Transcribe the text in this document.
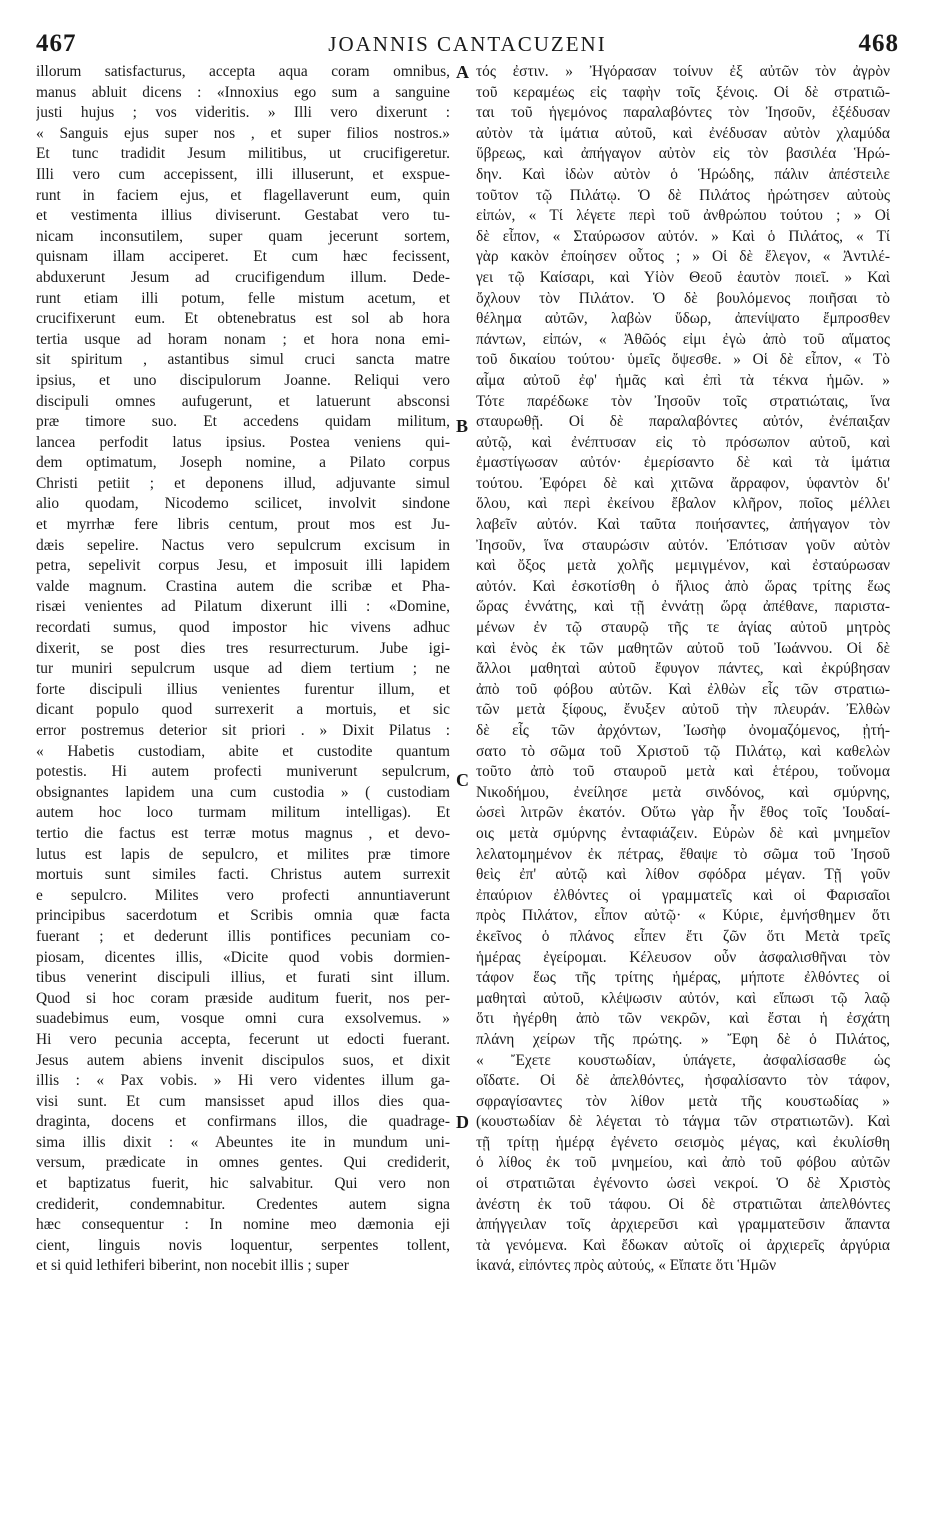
467	JOANNIS CANTACUZENI	468
illorum satisfacturus, accepta aqua coram omnibus,
manus abluit dicens : «Innoxius ego sum a sanguine
justi hujus ; vos videritis. » Illi vero dixerunt :
« Sanguis ejus super nos , et super filios nostros.»
Et tunc tradidit Jesum militibus, ut crucifigeretur.
Illi vero cum accepissent, illi illuserunt, et exspue-
runt in faciem ejus, et flagellaverunt eum, quin
et vestimenta illius diviserunt. Gestabat vero tu-
nicam inconsutilem, super quam jecerunt sortem,
quisnam illam acciperet. Et cum hæc fecissent,
abduxerunt Jesum ad crucifigendum illum. Dede-
runt etiam illi potum, felle mistum acetum, et
crucifixerunt eum. Et obtenebratus est sol ab hora
tertia usque ad horam nonam ; et hora nona emi-
sit spiritum , astantibus simul cruci sancta matre
ipsius, et uno discipulorum Joanne. Reliqui vero
discipuli omnes aufugerunt, et latuerunt absconsi
præ timore suo. Et accedens quidam militum,
lancea perfodit latus ipsius. Postea veniens qui-
dem optimatum, Joseph nomine, a Pilato corpus
Christi petiit ; et deponens illud, adjuvante simul
alio quodam, Nicodemo scilicet, involvit sindone
et myrrhæ fere libris centum, prout mos est Ju-
dæis sepelire. Nactus vero sepulcrum excisum in
petra, sepelivit corpus Jesu, et imposuit illi lapidem
valde magnum. Crastina autem die scribæ et Pha-
risæi venientes ad Pilatum dixerunt illi : «Domine,
recordati sumus, quod impostor hic vivens adhuc
dixerit, se post dies tres resurrecturum. Jube igi-
tur muniri sepulcrum usque ad diem tertium ; ne
forte discipuli illius venientes furentur illum, et
dicant populo quod surrexerit a mortuis, et sic
error postremus deterior sit priori . » Dixit Pilatus :
« Habetis custodiam, abite et custodite quantum
potestis. Hi autem profecti muniverunt sepulcrum,
obsignantes lapidem una cum custodia » ( custodiam
autem hoc loco turmam militum intelligas). Et
tertio die factus est terræ motus magnus , et devo-
lutus est lapis de sepulcro, et milites præ timore
mortuis sunt similes facti. Christus autem surrexit
e sepulcro. Milites vero profecti annuntiaverunt
principibus sacerdotum et Scribis omnia quæ facta
fuerant ; et dederunt illis pontifices pecuniam co-
piosam, dicentes illis, «Dicite quod vobis dormien-
tibus venerint discipuli illius, et furati sint illum.
Quod si hoc coram præside auditum fuerit, nos per-
suadebimus eum, vosque omni cura exsolvemus. »
Hi vero pecunia accepta, fecerunt ut edocti fuerant.
Jesus autem abiens invenit discipulos suos, et dixit
illis : « Pax vobis. » Hi vero videntes illum ga-
visi sunt. Et cum mansisset apud illos dies qua-
draginta, docens et confirmans illos, die quadrage-
sima illis dixit : « Abeuntes ite in mundum uni-
versum, prædicate in omnes gentes. Qui crediderit,
et baptizatus fuerit, hic salvabitur. Qui vero non
crediderit, condemnabitur. Credentes autem signa
hæc consequentur : In nomine meo dæmonia eji
cient, linguis novis loquentur, serpentes tollent,
et si quid lethiferi biberint, non nocebit illis ; super
A
B
C
D
τός ἐστιν. » Ἠγόρασαν τοίνυν ἐξ αὐτῶν τὸν ἀγρὸν
τοῦ κεραμέως εἰς ταφὴν τοῖς ξένοις. Οἱ δὲ στρατιῶ-
ται τοῦ ἡγεμόνος παραλαβόντες τὸν Ἰησοῦν, ἐξέδυσαν
αὐτὸν τὰ ἱμάτια αὐτοῦ, καὶ ἐνέδυσαν αὐτὸν χλαμύδα
ὕβρεως, καὶ ἀπήγαγον αὐτὸν εἰς τὸν βασιλέα Ἡρώ-
δην. Καὶ ἰδὼν αὐτὸν ὁ Ἡρώδης, πάλιν ἀπέστειλε
τοῦτον τῷ Πιλάτῳ. Ὁ δὲ Πιλάτος ἠρώτησεν αὐτοὺς
εἰπών, « Τί λέγετε περὶ τοῦ ἀνθρώπου τούτου ; » Οἱ
δὲ εἶπον, « Σταύρωσον αὐτόν. » Καὶ ὁ Πιλάτος, « Τί
γὰρ κακὸν ἐποίησεν οὗτος ; » Οἱ δὲ ἔλεγον, « Ἀντιλέ-
γει τῷ Καίσαρι, καὶ Υἱὸν Θεοῦ ἑαυτὸν ποιεῖ. » Καὶ
ὄχλουν τὸν Πιλάτον. Ὁ δὲ βουλόμενος ποιῆσαι τὸ
θέλημα αὐτῶν, λαβὼν ὕδωρ, ἀπενίψατο ἔμπροσθεν
πάντων, εἰπών, « Ἀθῶός εἰμι ἐγὼ ἀπὸ τοῦ αἵματος
τοῦ δικαίου τούτου· ὑμεῖς ὄψεσθε. » Οἱ δὲ εἶπον, « Τὸ
αἷμα αὐτοῦ ἐφ' ἡμᾶς καὶ ἐπὶ τὰ τέκνα ἡμῶν. »
Τότε παρέδωκε τὸν Ἰησοῦν τοῖς στρατιώταις, ἵνα
σταυρωθῇ. Οἱ δὲ παραλαβόντες αὐτόν, ἐνέπαιξαν
αὐτῷ, καὶ ἐνέπτυσαν εἰς τὸ πρόσωπον αὐτοῦ, καὶ
ἐμαστίγωσαν αὐτόν· ἐμερίσαντο δὲ καὶ τὰ ἱμάτια
τούτου. Ἐφόρει δὲ καὶ χιτῶνα ἄρραφον, ὑφαντὸν δι'
ὅλου, καὶ περὶ ἐκείνου ἔβαλον κλῆρον, ποῖος μέλλει
λαβεῖν αὐτόν. Καὶ ταῦτα ποιήσαντες, ἀπήγαγον τὸν
Ἰησοῦν, ἵνα σταυρώσιν αὐτόν. Ἐπότισαν γοῦν αὐτὸν
καὶ ὄξος μετὰ χολῆς μεμιγμένον, καὶ ἐσταύρωσαν
αὐτόν. Καὶ ἐσκοτίσθη ὁ ἥλιος ἀπὸ ὥρας τρίτης ἕως
ὥρας ἐννάτης, καὶ τῇ ἐννάτῃ ὥρᾳ ἀπέθανε, παριστα-
μένων ἐν τῷ σταυρῷ τῆς τε ἁγίας αὐτοῦ μητρὸς
καὶ ἑνὸς ἐκ τῶν μαθητῶν αὐτοῦ τοῦ Ἰωάννου. Οἱ δὲ
ἄλλοι μαθηταὶ αὐτοῦ ἔφυγον πάντες, καὶ ἐκρύβησαν
ἀπὸ τοῦ φόβου αὐτῶν. Καὶ ἐλθὼν εἷς τῶν στρατιω-
τῶν μετὰ ξίφους, ἔνυξεν αὐτοῦ τὴν πλευράν. Ἐλθὼν
δὲ εἷς τῶν ἀρχόντων, Ἰωσὴφ ὀνομαζόμενος, ᾐτή-
σατο τὸ σῶμα τοῦ Χριστοῦ τῷ Πιλάτῳ, καὶ καθελὼν
τοῦτο ἀπὸ τοῦ σταυροῦ μετὰ καὶ ἑτέρου, τοὔνομα
Νικοδήμου, ἐνείλησε μετὰ σινδόνος, καὶ σμύρνης,
ὡσεὶ λιτρῶν ἑκατόν. Οὕτω γὰρ ἦν ἔθος τοῖς Ἰουδαί-
οις μετὰ σμύρνης ἐνταφιάζειν. Εὑρὼν δὲ καὶ μνημεῖον
λελατομημένον ἐκ πέτρας, ἔθαψε τὸ σῶμα τοῦ Ἰησοῦ
θεὶς ἐπ' αὐτῷ καὶ λίθον σφόδρα μέγαν. Τῇ γοῦν
ἐπαύριον ἐλθόντες οἱ γραμματεῖς καὶ οἱ Φαρισαῖοι
πρὸς Πιλάτον, εἶπον αὐτῷ· « Κύριε, ἐμνήσθημεν ὅτι
ἐκεῖνος ὁ πλάνος εἶπεν ἔτι ζῶν ὅτι Μετὰ τρεῖς
ἡμέρας ἐγείρομαι. Κέλευσον οὖν ἀσφαλισθῆναι τὸν
τάφον ἕως τῆς τρίτης ἡμέρας, μήποτε ἐλθόντες οἱ
μαθηταὶ αὐτοῦ, κλέψωσιν αὐτόν, καὶ εἴπωσι τῷ λαῷ
ὅτι ἠγέρθη ἀπὸ τῶν νεκρῶν, καὶ ἔσται ἡ ἐσχάτη
πλάνη χείρων τῆς πρώτης. » Ἔφη δὲ ὁ Πιλάτος,
« Ἔχετε κουστωδίαν, ὑπάγετε, ἀσφαλίσασθε ὡς
οἴδατε. Οἱ δὲ ἀπελθόντες, ἠσφαλίσαντο τὸν τάφον,
σφραγίσαντες τὸν λίθον μετὰ τῆς κουστωδίας »
(κουστωδίαν δὲ λέγεται τὸ τάγμα τῶν στρατιωτῶν). Καὶ
τῇ τρίτῃ ἡμέρᾳ ἐγένετο σεισμὸς μέγας, καὶ ἐκυλίσθη
ὁ λίθος ἐκ τοῦ μνημείου, καὶ ἀπὸ τοῦ φόβου αὐτῶν
οἱ στρατιῶται ἐγένοντο ὡσεὶ νεκροί. Ὁ δὲ Χριστὸς
ἀνέστη ἐκ τοῦ τάφου. Οἱ δὲ στρατιῶται ἀπελθόντες
ἀπήγγειλαν τοῖς ἀρχιερεῦσι καὶ γραμματεῦσιν ἅπαντα
τὰ γενόμενα. Καὶ ἔδωκαν αὐτοῖς οἱ ἀρχιερεῖς ἀργύρια
ἱκανά, εἰπόντες πρὸς αὐτούς, « Εἴπατε ὅτι Ἡμῶν
